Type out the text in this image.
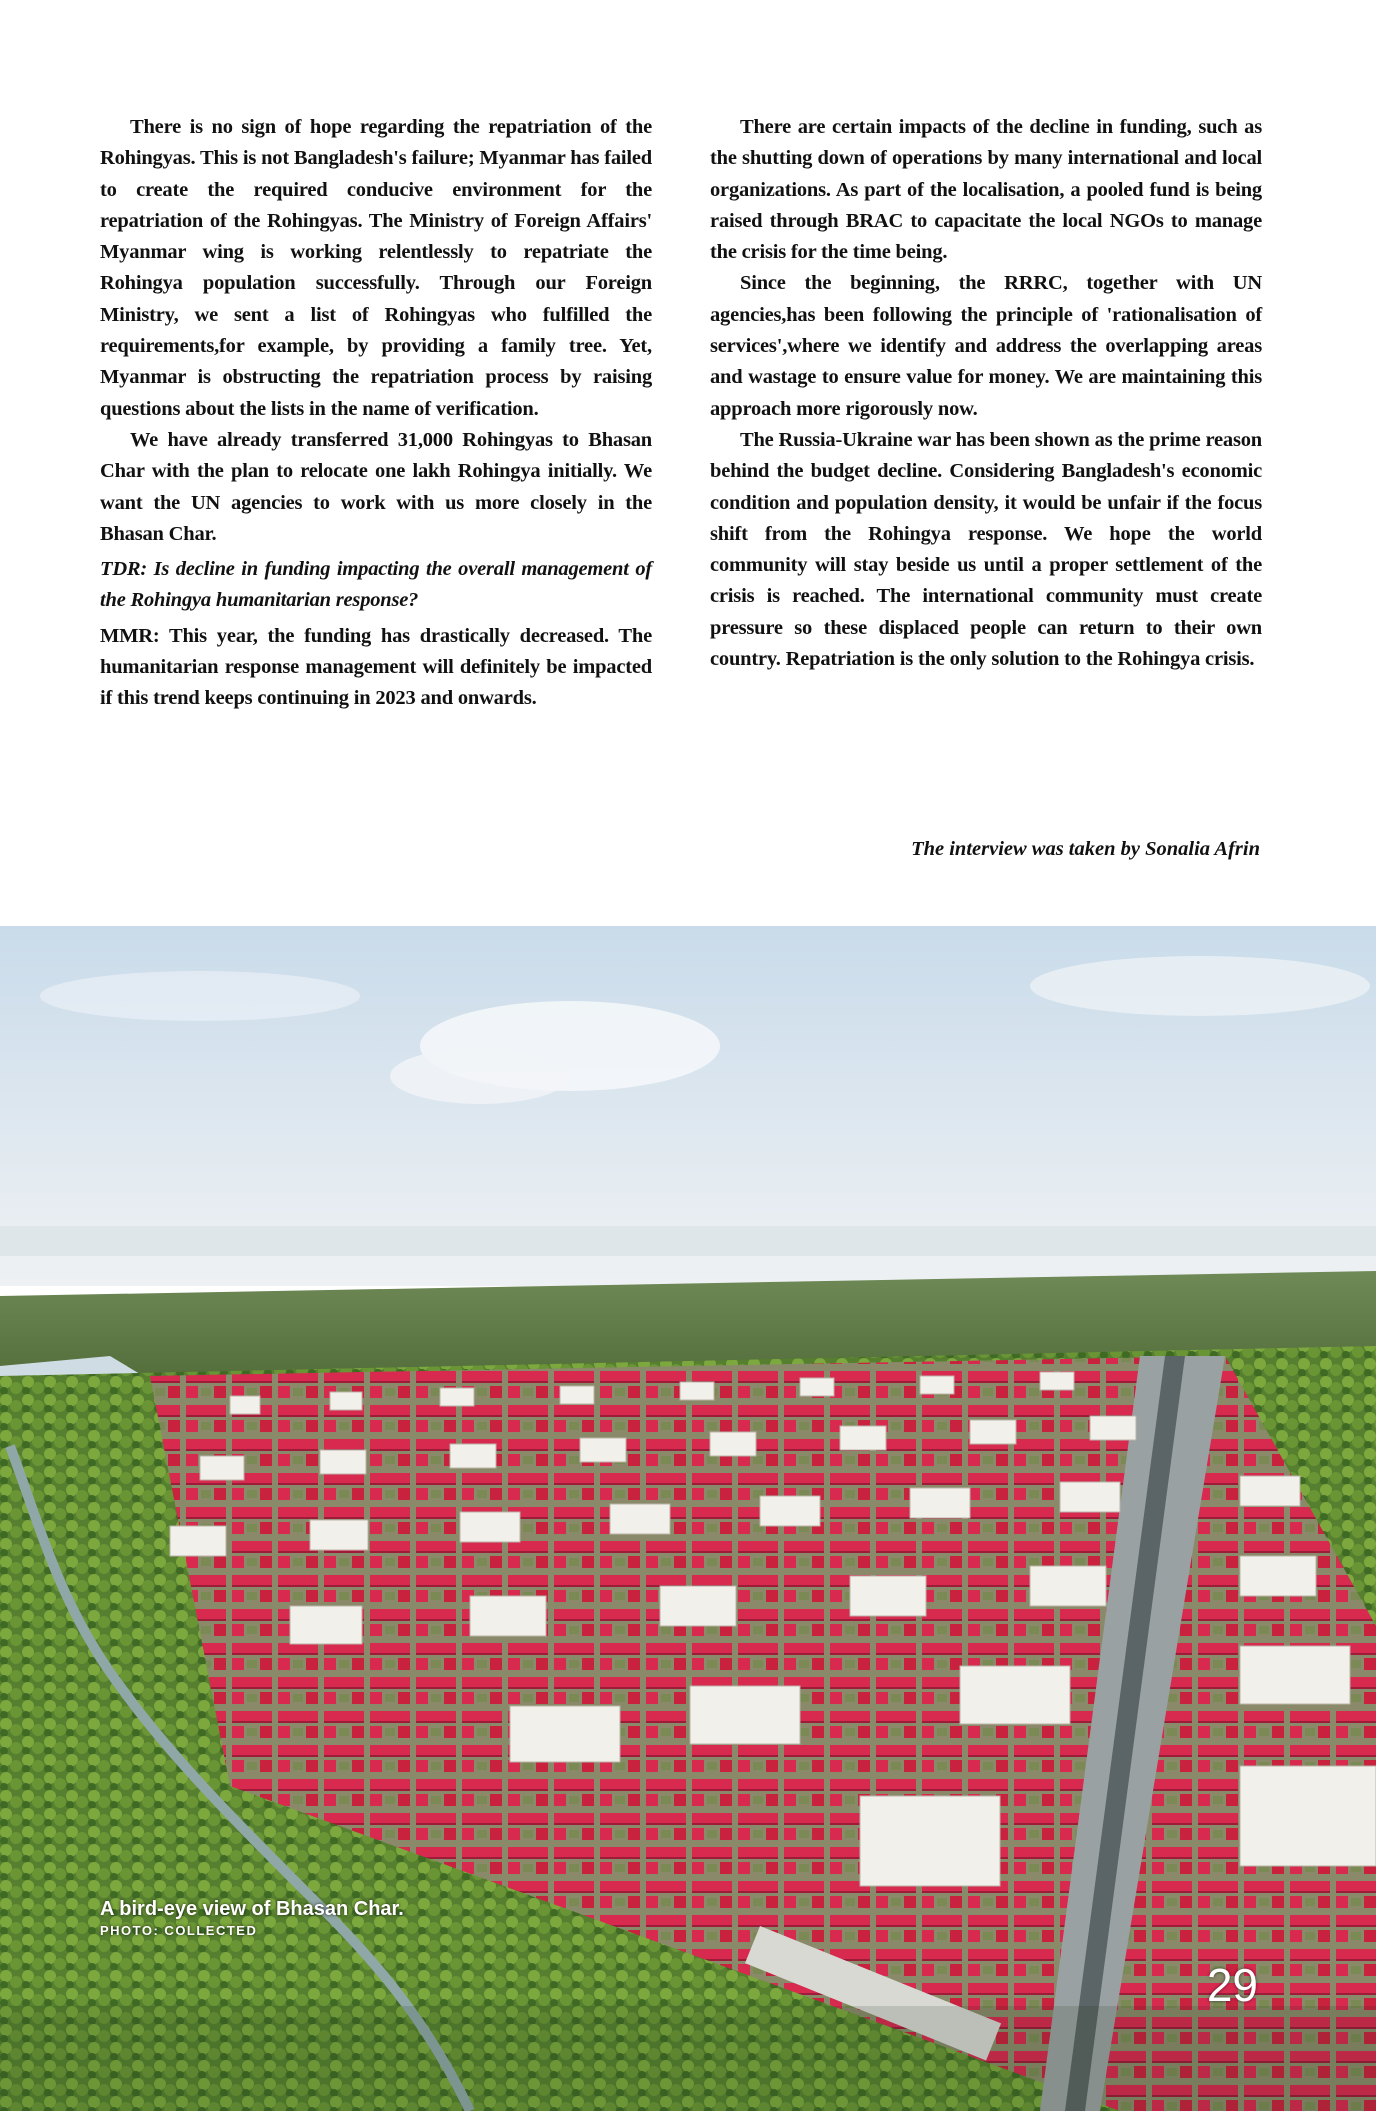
There is no sign of hope regarding the repatriation of the Rohingyas. This is not Bangladesh's failure; Myanmar has failed to create the required conducive environment for the repatriation of the Rohingyas. The Ministry of Foreign Affairs' Myanmar wing is working relentlessly to repatriate the Rohingya population successfully. Through our Foreign Ministry, we sent a list of Rohingyas who fulfilled the requirements,for example, by providing a family tree. Yet, Myanmar is obstructing the repatriation process by raising questions about the lists in the name of verification.

We have already transferred 31,000 Rohingyas to Bhasan Char with the plan to relocate one lakh Rohingya initially. We want the UN agencies to work with us more closely in the Bhasan Char.

TDR: Is decline in funding impacting the overall management of the Rohingya humanitarian response?

MMR: This year, the funding has drastically decreased. The humanitarian response management will definitely be impacted if this trend keeps continuing in 2023 and onwards.

There are certain impacts of the decline in funding, such as the shutting down of operations by many international and local organizations. As part of the localisation, a pooled fund is being raised through BRAC to capacitate the local NGOs to manage the crisis for the time being.

Since the beginning, the RRRC, together with UN agencies,has been following the principle of 'rationalisation of services',where we identify and address the overlapping areas and wastage to ensure value for money. We are maintaining this approach more rigorously now.

The Russia-Ukraine war has been shown as the prime reason behind the budget decline. Considering Bangladesh's economic condition and population density, it would be unfair if the focus shift from the Rohingya response. We hope the world community will stay beside us until a proper settlement of the crisis is reached. The international community must create pressure so these displaced people can return to their own country. Repatriation is the only solution to the Rohingya crisis.

The interview was taken by Sonalia Afrin
A bird-eye view of Bhasan Char.
PHOTO: COLLECTED
29
